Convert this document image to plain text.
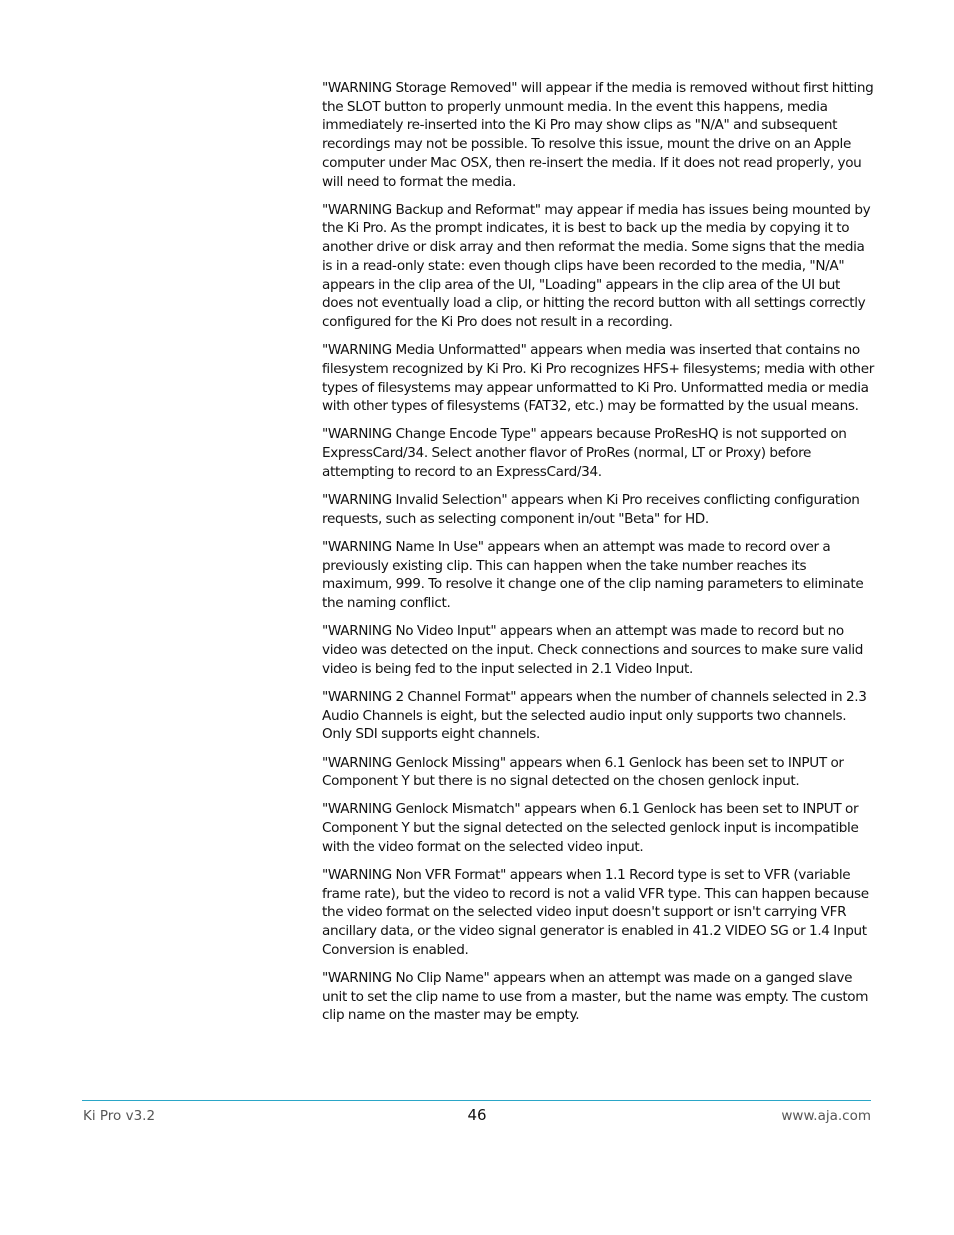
"WARNING Storage Removed" will appear if the media is removed without first hitting the SLOT button to properly unmount media. In the event this happens, media immediately re-inserted into the Ki Pro may show clips as "N/A" and subsequent recordings may not be possible. To resolve this issue, mount the drive on an Apple computer under Mac OSX, then re-insert the media. If it does not read properly, you will need to format the media.

"WARNING Backup and Reformat" may appear if media has issues being mounted by the Ki Pro. As the prompt indicates, it is best to back up the media by copying it to another drive or disk array and then reformat the media. Some signs that the media is in a read-only state: even though clips have been recorded to the media, "N/A" appears in the clip area of the UI, "Loading" appears in the clip area of the UI but does not eventually load a clip, or hitting the record button with all settings correctly configured for the Ki Pro does not result in a recording.

"WARNING Media Unformatted" appears when media was inserted that contains no filesystem recognized by Ki Pro. Ki Pro recognizes HFS+ filesystems; media with other types of filesystems may appear unformatted to Ki Pro. Unformatted media or media with other types of filesystems (FAT32, etc.) may be formatted by the usual means.

"WARNING Change Encode Type" appears because ProResHQ is not supported on ExpressCard/34. Select another flavor of ProRes (normal, LT or Proxy) before attempting to record to an ExpressCard/34.

"WARNING Invalid Selection" appears when Ki Pro receives conflicting configuration requests, such as selecting component in/out "Beta" for HD.

"WARNING Name In Use" appears when an attempt was made to record over a previously existing clip. This can happen when the take number reaches its maximum, 999. To resolve it change one of the clip naming parameters to eliminate the naming conflict.

"WARNING No Video Input" appears when an attempt was made to record but no video was detected on the input. Check connections and sources to make sure valid video is being fed to the input selected in 2.1 Video Input.

"WARNING 2 Channel Format" appears when the number of channels selected in 2.3 Audio Channels is eight, but the selected audio input only supports two channels. Only SDI supports eight channels.

"WARNING Genlock Missing" appears when 6.1 Genlock has been set to INPUT or Component Y but there is no signal detected on the chosen genlock input.

"WARNING Genlock Mismatch" appears when 6.1 Genlock has been set to INPUT or Component Y but the signal detected on the selected genlock input is incompatible with the video format on the selected video input.

"WARNING Non VFR Format" appears when 1.1 Record type is set to VFR (variable frame rate), but the video to record is not a valid VFR type. This can happen because the video format on the selected video input doesn't support or isn't carrying VFR ancillary data, or the video signal generator is enabled in 41.2 VIDEO SG or 1.4 Input Conversion is enabled.

"WARNING No Clip Name" appears when an attempt was made on a ganged slave unit to set the clip name to use from a master, but the name was empty. The custom clip name on the master may be empty.

Ki Pro v3.2	46	www.aja.com
